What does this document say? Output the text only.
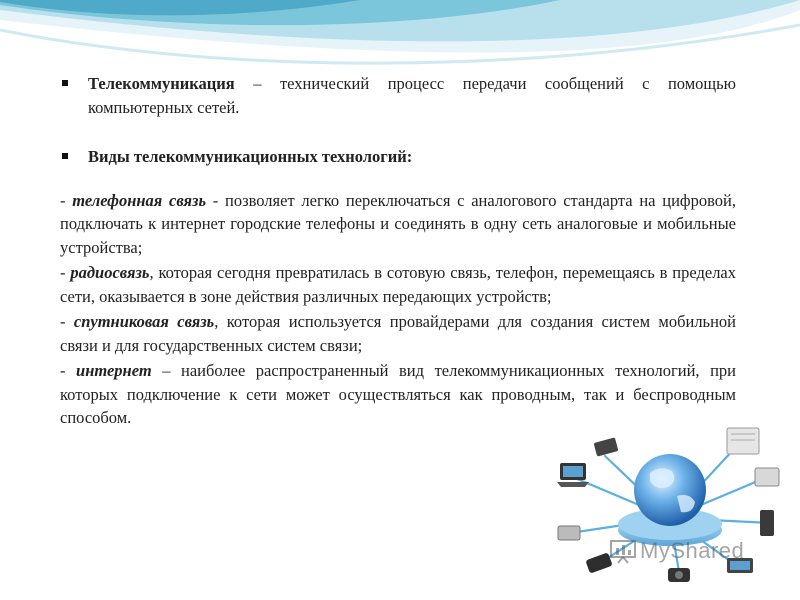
Телекоммуникация – технический процесс передачи сообщений с помощью компьютерных сетей.
Виды телекоммуникационных технологий:

- телефонная связь - позволяет легко переключаться с аналогового стандарта на цифровой, подключать к интернет городские телефоны и соединять в одну сеть аналоговые и мобильные устройства;

- радиосвязь, которая сегодня превратилась в сотовую связь, телефон, перемещаясь в пределах сети, оказывается в зоне действия различных передающих устройств;

- спутниковая связь, которая используется провайдерами для создания систем мобильной связи и для государственных систем связи;

- интернет – наиболее распространенный вид телекоммуникационных технологий, при которых подключение к сети может осуществляться как проводным, так и беспроводным способом.

MyShared
